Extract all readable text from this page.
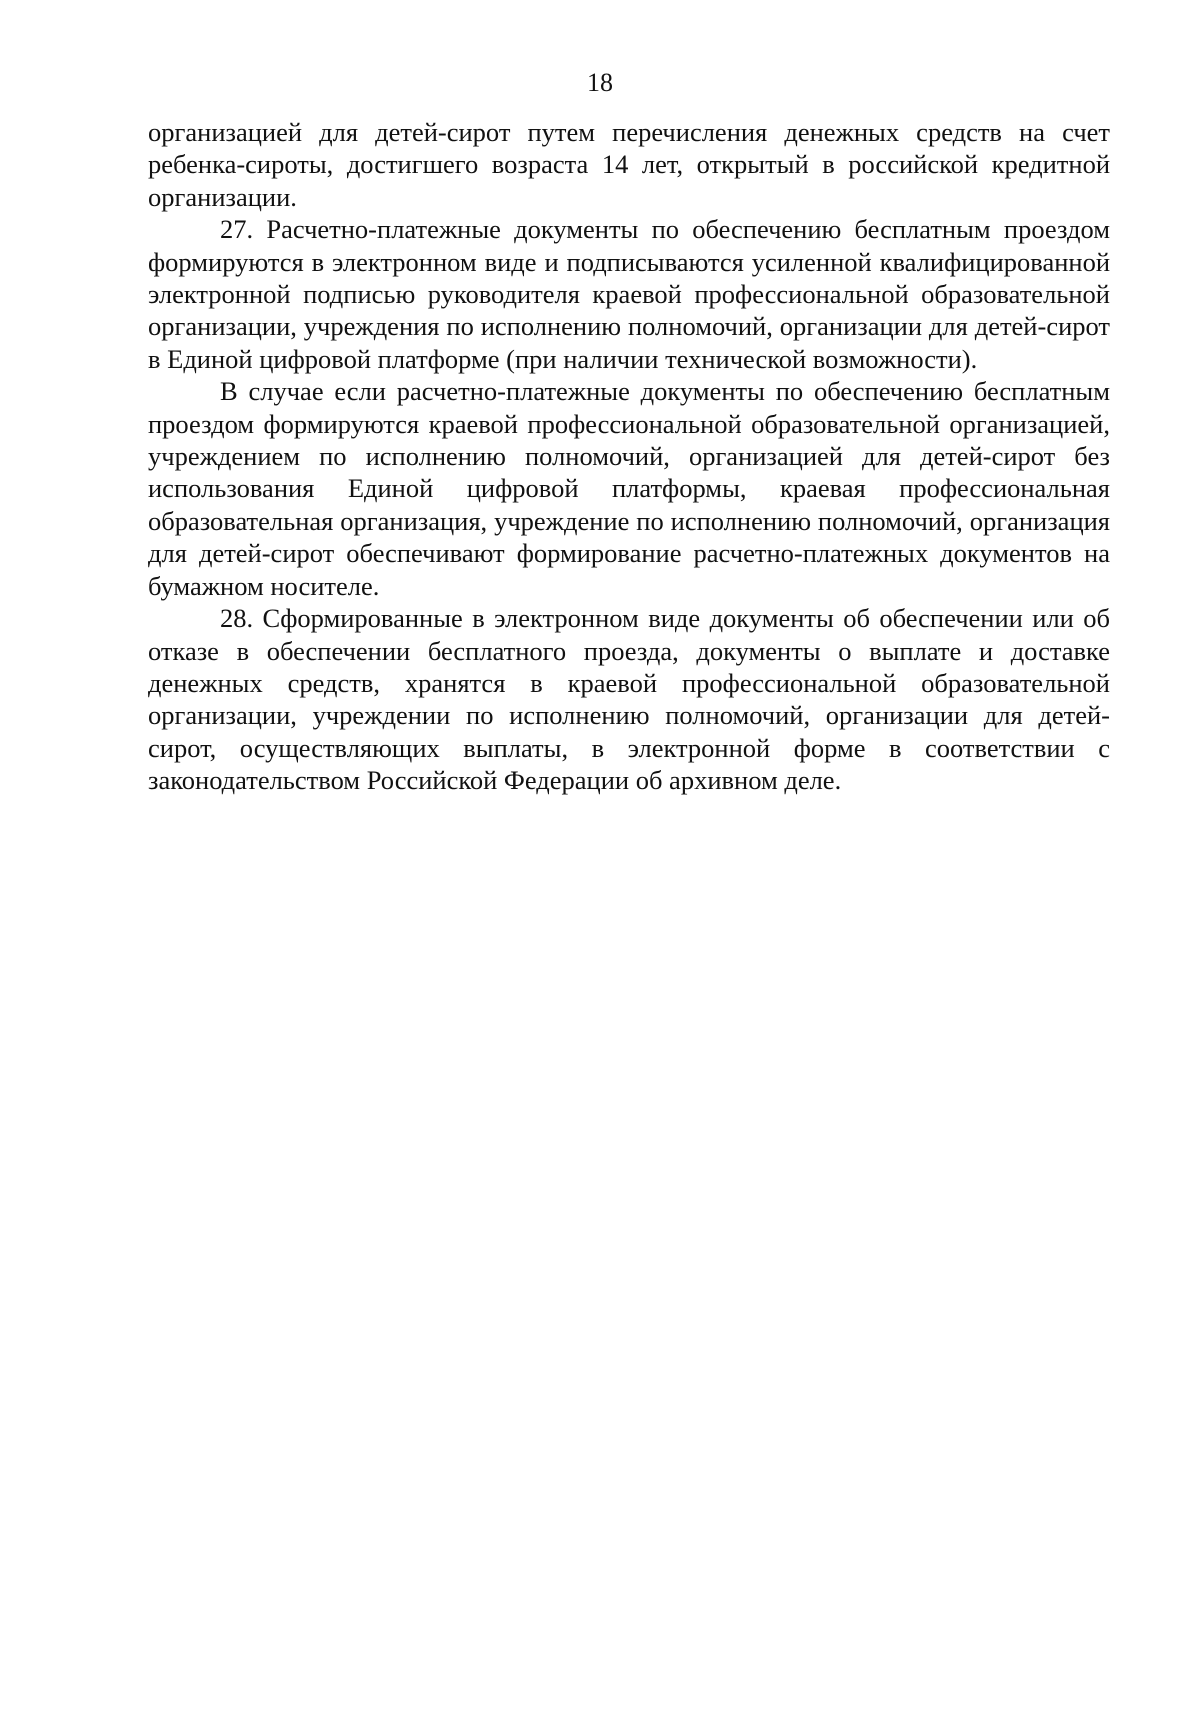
18

организацией для детей-сирот путем перечисления денежных средств на счет ребенка-сироты, достигшего возраста 14 лет, открытый в российской кредитной организации.

27. Расчетно-платежные документы по обеспечению бесплатным проездом формируются в электронном виде и подписываются усиленной квалифицированной электронной подписью руководителя краевой профессиональной образовательной организации, учреждения по исполнению полномочий, организации для детей-сирот в Единой цифровой платформе (при наличии технической возможности).

В случае если расчетно-платежные документы по обеспечению бесплатным проездом формируются краевой профессиональной образовательной организацией, учреждением по исполнению полномочий, организацией для детей-сирот без использования Единой цифровой платформы, краевая профессиональная образовательная организация, учреждение по исполнению полномочий, организация для детей-сирот обеспечивают формирование расчетно-платежных документов на бумажном носителе.

28. Сформированные в электронном виде документы об обеспечении или об отказе в обеспечении бесплатного проезда, документы о выплате и доставке денежных средств, хранятся в краевой профессиональной образовательной организации, учреждении по исполнению полномочий, организации для детей-сирот, осуществляющих выплаты, в электронной форме в соответствии с законодательством Российской Федерации об архивном деле.
